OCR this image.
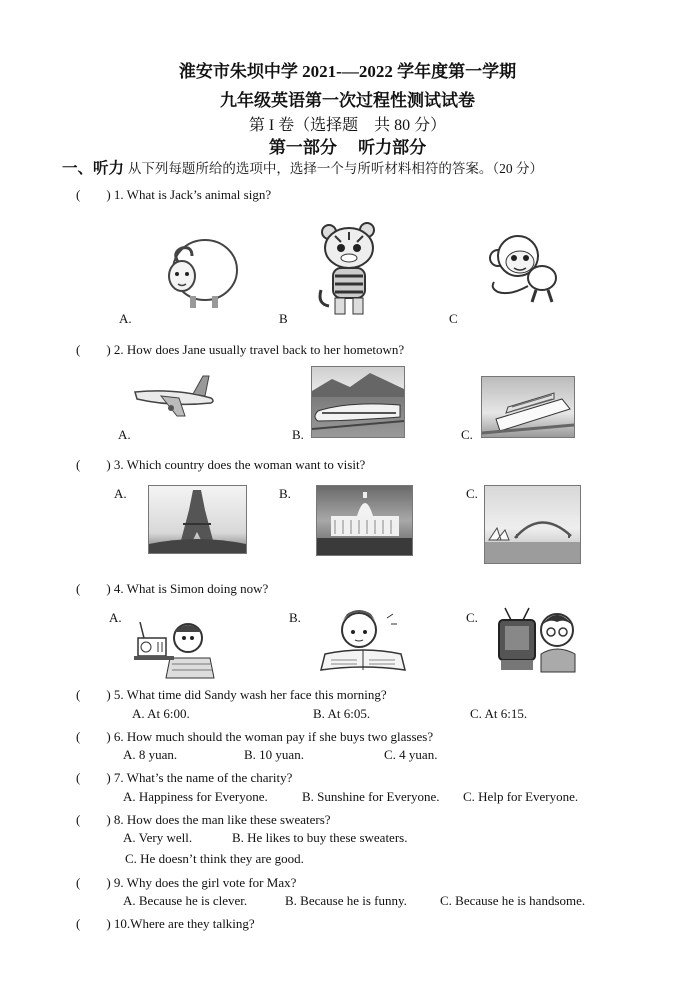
淮安市朱坝中学 2021-—2022 学年度第一学期
九年级英语第一次过程性测试试卷
第 I 卷（选择题　共 80 分）
第一部分　 听力部分
一、听力 从下列每题所给的选项中，选择一个与所听材料相符的答案。（20 分）
(　　) 1. What is Jack’s animal sign?
A.	B	C
(　　) 2. How does Jane usually travel back to her hometown?
A.	B.	C.
(　　) 3. Which country does the woman want to visit?
A.	B.	C.
(　　) 4. What is Simon doing now?
A.	B.	C.
(　　) 5. What time did Sandy wash her face this morning?
A. At 6:00.	B. At 6:05.	C. At 6:15.
(　　) 6. How much should the woman pay if she buys two glasses?
A. 8 yuan.	B. 10 yuan.	C. 4 yuan.
(　　) 7. What’s the name of the charity?
A. Happiness for Everyone.	B. Sunshine for Everyone. C. Help for Everyone.
(　　) 8. How does the man like these sweaters?
A. Very well.	B. He likes to buy these sweaters.
C. He doesn’t think they are good.
(　　) 9. Why does the girl vote for Max?
A. Because he is clever.	B. Because he is funny.	C. Because he is handsome.
(　　) 10.Where are they talking?
